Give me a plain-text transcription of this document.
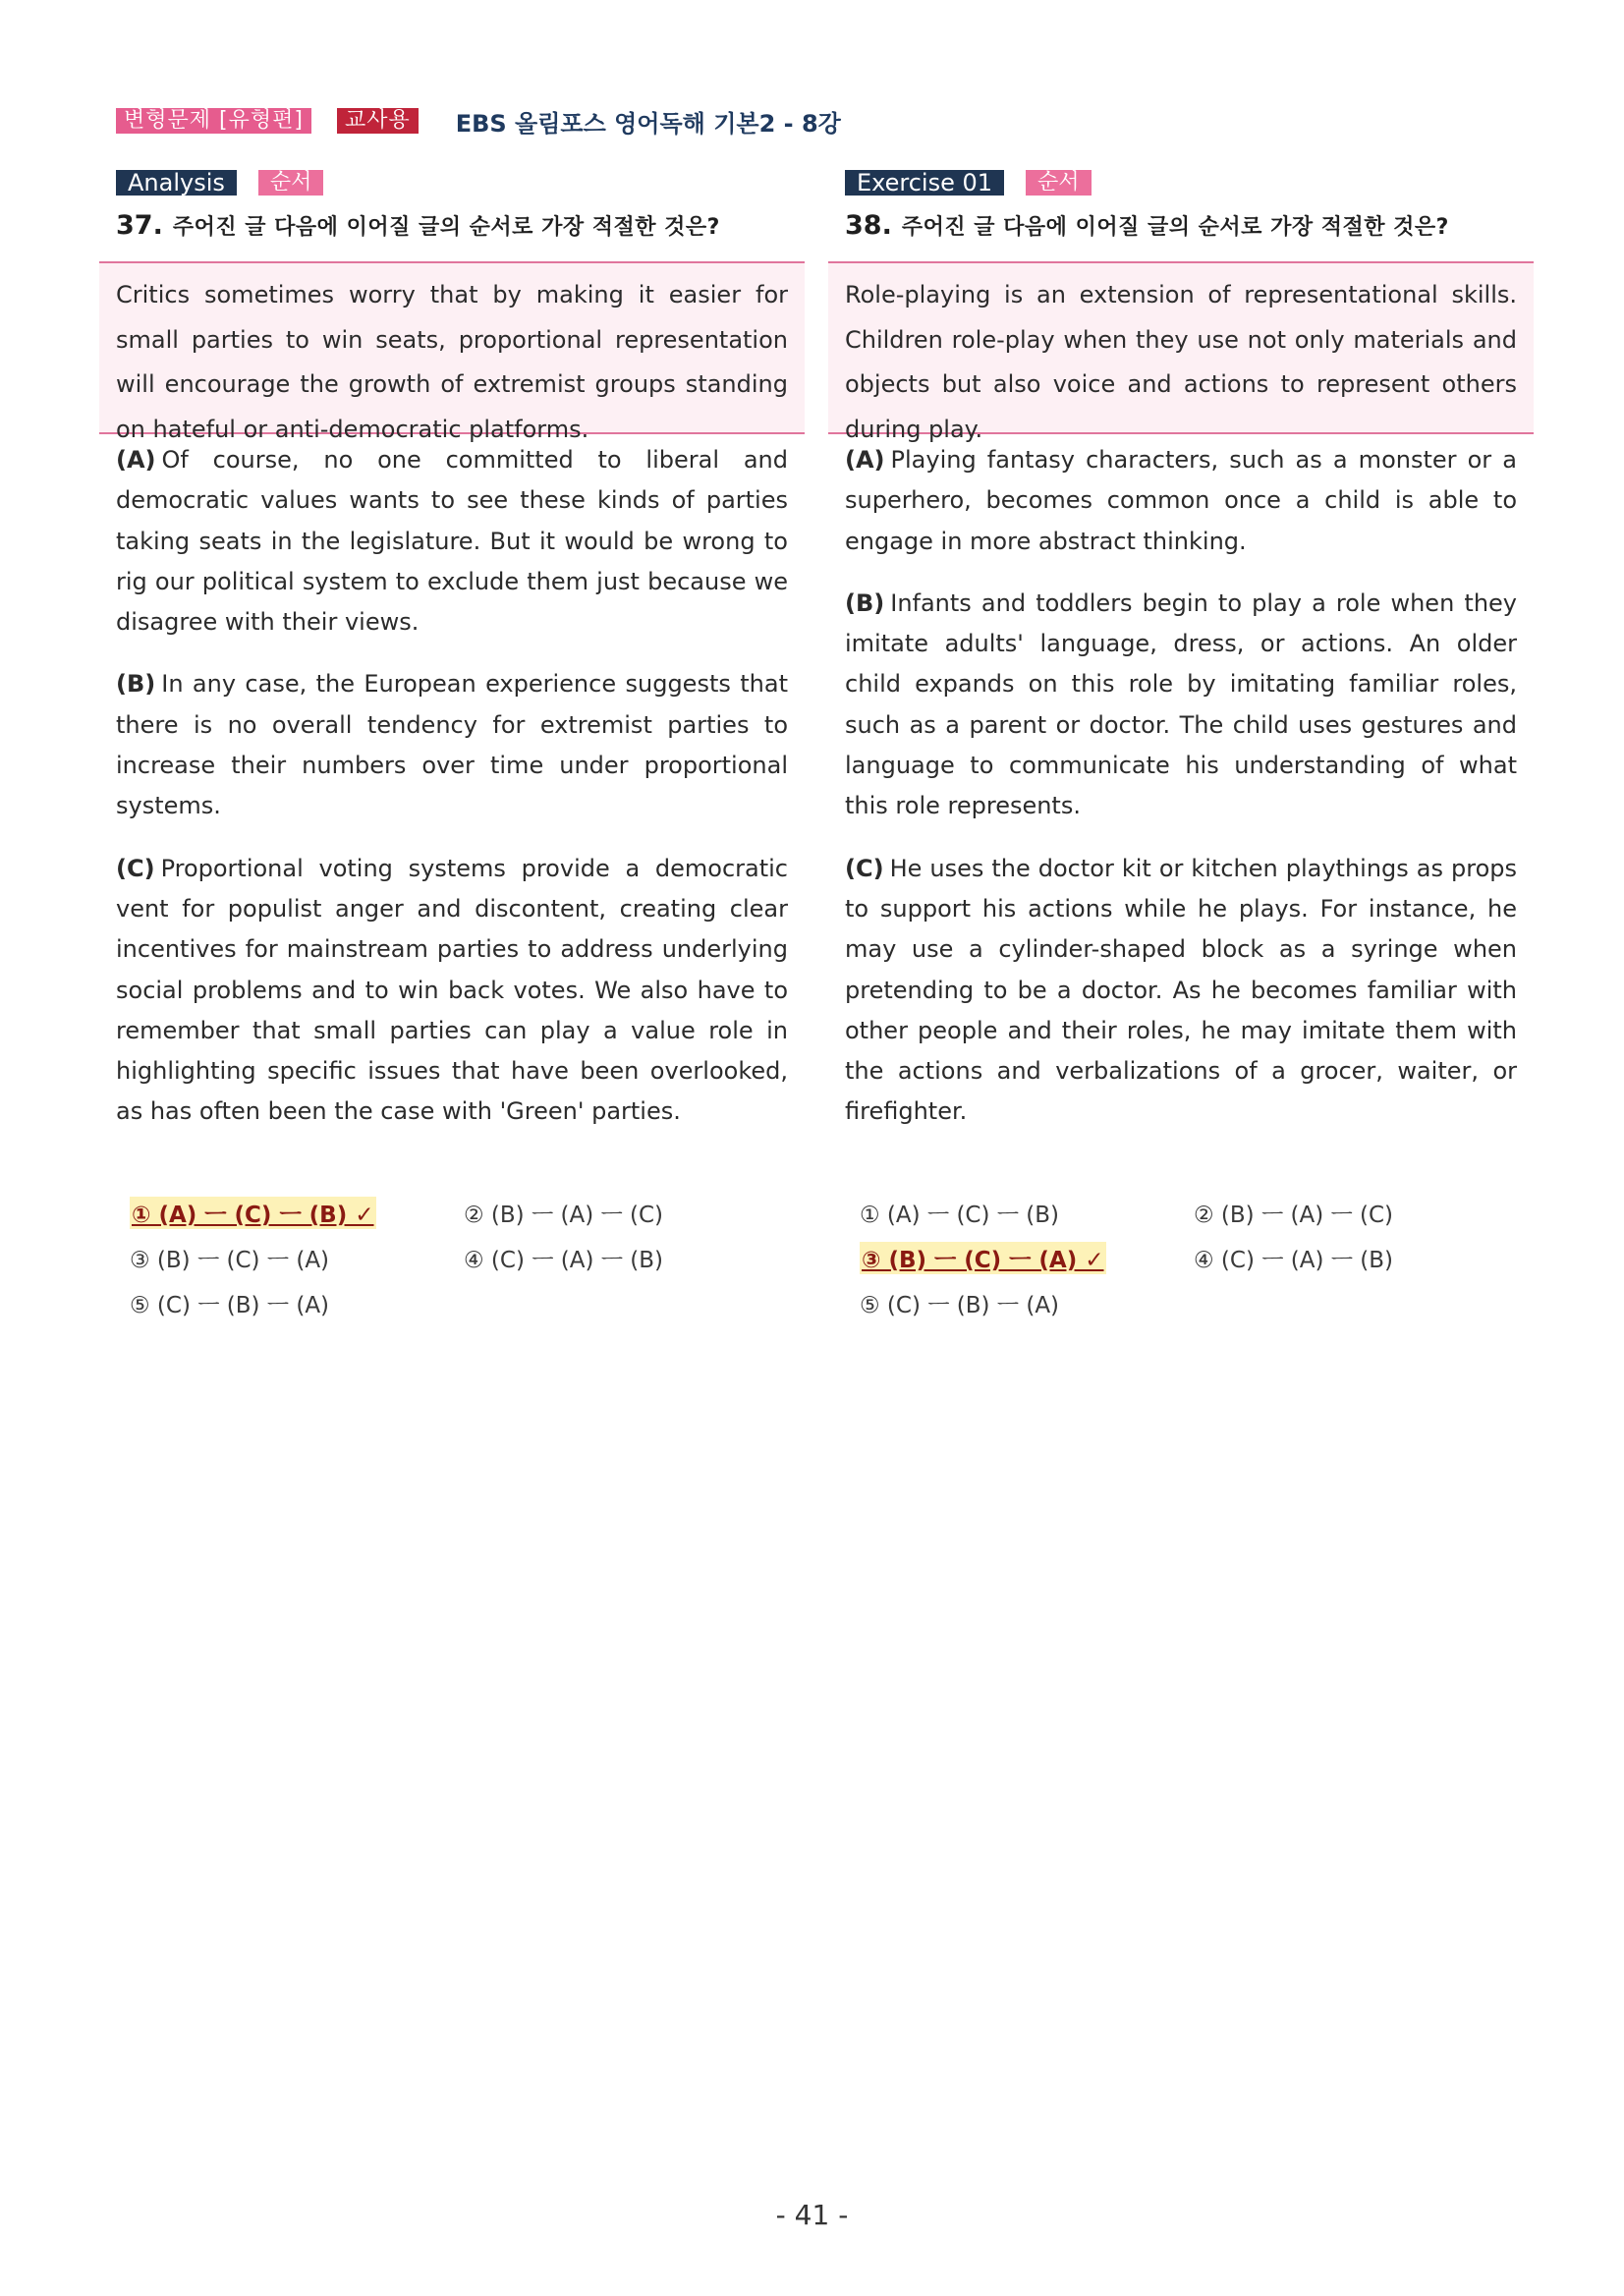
변형문제 [유형편]	교사용	EBS 올림포스 영어독해 기본2 - 8강
Analysis	순서
37. 주어진 글 다음에 이어질 글의 순서로 가장 적절한 것은?
Critics sometimes worry that by making it easier for small parties to win seats, proportional representation will encourage the growth of extremist groups standing on hateful or anti-democratic platforms.
(A) Of course, no one committed to liberal and democratic values wants to see these kinds of parties taking seats in the legislature. But it would be wrong to rig our political system to exclude them just because we disagree with their views.
(B) In any case, the European experience suggests that there is no overall tendency for extremist parties to increase their numbers over time under proportional systems.
(C) Proportional voting systems provide a democratic vent for populist anger and discontent, creating clear incentives for mainstream parties to address underlying social problems and to win back votes. We also have to remember that small parties can play a value role in highlighting specific issues that have been overlooked, as has often been the case with 'Green' parties.
① (A) ㅡ (C) ㅡ (B) ✓	② (B) ㅡ (A) ㅡ (C)
③ (B) ㅡ (C) ㅡ (A)	④ (C) ㅡ (A) ㅡ (B)
⑤ (C) ㅡ (B) ㅡ (A)
Exercise 01	순서
38. 주어진 글 다음에 이어질 글의 순서로 가장 적절한 것은?
Role-playing is an extension of representational skills. Children role-play when they use not only materials and objects but also voice and actions to represent others during play.
(A) Playing fantasy characters, such as a monster or a superhero, becomes common once a child is able to engage in more abstract thinking.
(B) Infants and toddlers begin to play a role when they imitate adults' language, dress, or actions. An older child expands on this role by imitating familiar roles, such as a parent or doctor. The child uses gestures and language to communicate his understanding of what this role represents.
(C) He uses the doctor kit or kitchen playthings as props to support his actions while he plays. For instance, he may use a cylinder-shaped block as a syringe when pretending to be a doctor. As he becomes familiar with other people and their roles, he may imitate them with the actions and verbalizations of a grocer, waiter, or firefighter.
① (A) ㅡ (C) ㅡ (B)	② (B) ㅡ (A) ㅡ (C)
③ (B) ㅡ (C) ㅡ (A) ✓	④ (C) ㅡ (A) ㅡ (B)
⑤ (C) ㅡ (B) ㅡ (A)
- 41 -
